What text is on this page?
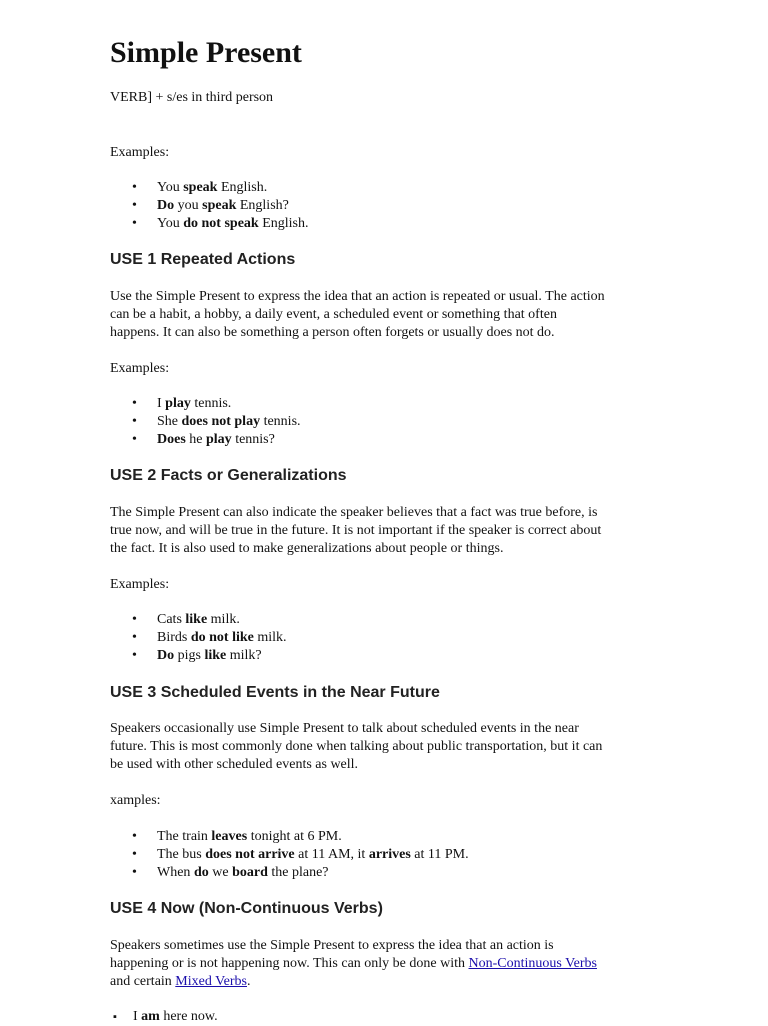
Simple Present

VERB] + s/es in third person

Examples:

• You speak English.
• Do you speak English?
• You do not speak English.
USE 1 Repeated Actions

Use the Simple Present to express the idea that an action is repeated or usual. The action
can be a habit, a hobby, a daily event, a scheduled event or something that often
happens. It can also be something a person often forgets or usually does not do.

Examples:

• I play tennis.
• She does not play tennis.
• Does he play tennis?
USE 2 Facts or Generalizations

The Simple Present can also indicate the speaker believes that a fact was true before, is
true now, and will be true in the future. It is not important if the speaker is correct about
the fact. It is also used to make generalizations about people or things.

Examples:

• Cats like milk.
• Birds do not like milk.
• Do pigs like milk?
USE 3 Scheduled Events in the Near Future

Speakers occasionally use Simple Present to talk about scheduled events in the near
future. This is most commonly done when talking about public transportation, but it can
be used with other scheduled events as well.

xamples:

• The train leaves tonight at 6 PM.
• The bus does not arrive at 11 AM, it arrives at 11 PM.
• When do we board the plane?
USE 4 Now (Non-Continuous Verbs)

Speakers sometimes use the Simple Present to express the idea that an action is
happening or is not happening now. This can only be done with Non-Continuous Verbs
and certain Mixed Verbs.

▪ I am here now.
